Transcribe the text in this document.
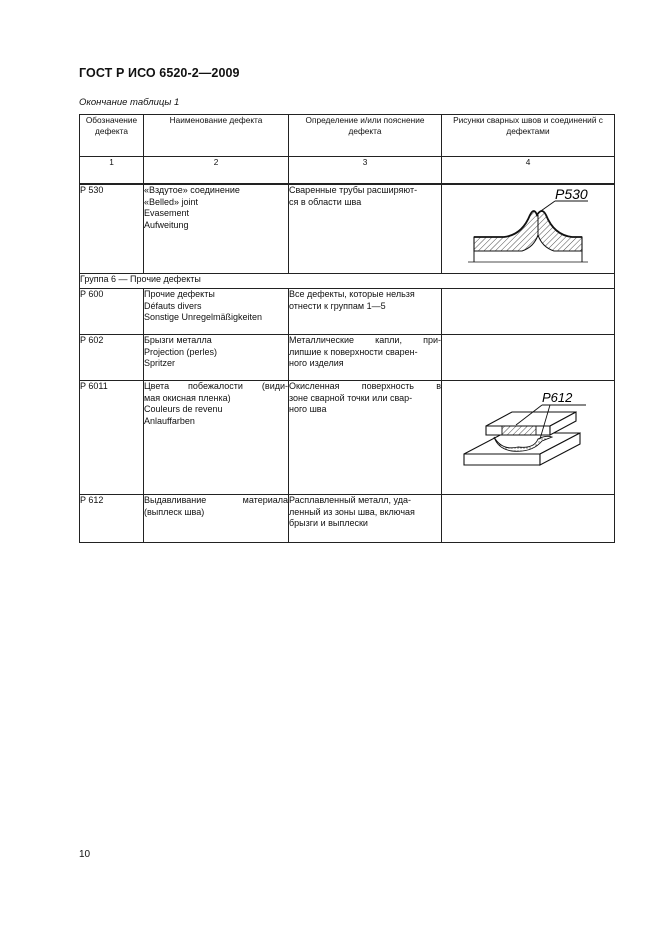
ГОСТ Р ИСО 6520-2—2009
Окончание таблицы 1
Обозначение дефекта	Наименование дефекта	Определение и/или пояснение дефекта	Рисунки сварных швов и соединений с дефектами
1	2	3	4
P 530	«Вздутое» соединение
«Belled» joint
Evasement
Aufweitung	Сваренные трубы расширяют-
ся в области шва	P530

Группа 6 — Прочие дефекты			
P 600	Прочие дефекты
Défauts divers
Sonstige Unregelmäßigkeiten	Все дефекты, которые нельзя
отнести к группам 1—5	

P 602	Брызги металла
Projection (perles)
Spritzer	Металлические капли, при-
липшие к поверхности сварен-
ного изделия	

P 6011	Цвета побежалости (види-
мая окисная пленка)
Couleurs de revenu
Anlauffarben	Окисленная поверхность в
зоне сварной точки или свар-
ного шва	P612

P 612	Выдавливание материала
(выплеск шва)	Расплавленный металл, уда-
ленный из зоны шва, включая
брызги и выплески	

10
